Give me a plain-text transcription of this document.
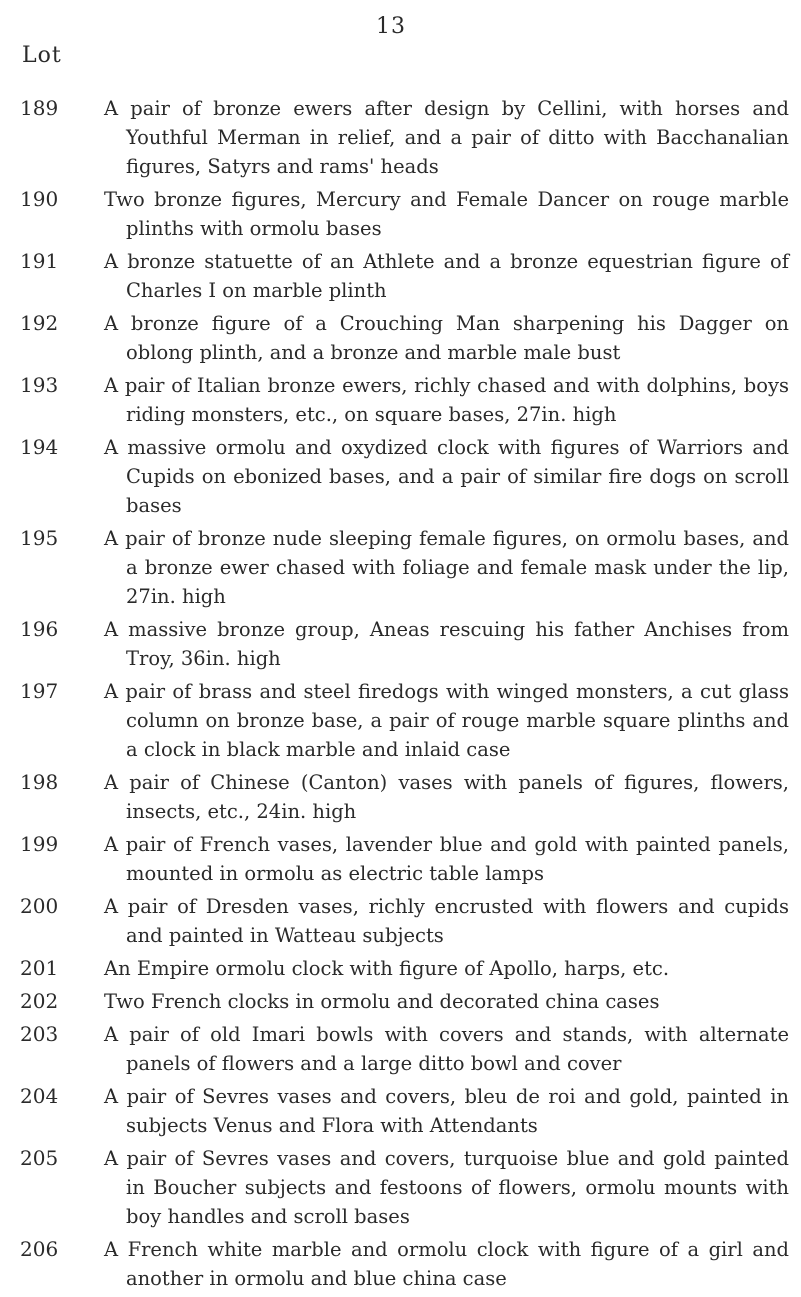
13
Lot
189	A pair of bronze ewers after design by Cellini, with horses and Youthful Merman in relief, and a pair of ditto with Bacchanalian figures, Satyrs and rams' heads
190	Two bronze figures, Mercury and Female Dancer on rouge marble plinths with ormolu bases
191	A bronze statuette of an Athlete and a bronze equestrian figure of Charles I on marble plinth
192	A bronze figure of a Crouching Man sharpening his Dagger on oblong plinth, and a bronze and marble male bust
193	A pair of Italian bronze ewers, richly chased and with dolphins, boys riding monsters, etc., on square bases, 27in. high
194	A massive ormolu and oxydized clock with figures of Warriors and Cupids on ebonized bases, and a pair of similar fire dogs on scroll bases
195	A pair of bronze nude sleeping female figures, on ormolu bases, and a bronze ewer chased with foliage and female mask under the lip, 27in. high
196	A massive bronze group, Aneas rescuing his father Anchises from Troy, 36in. high
197	A pair of brass and steel firedogs with winged monsters, a cut glass column on bronze base, a pair of rouge marble square plinths and a clock in black marble and inlaid case
198	A pair of Chinese (Canton) vases with panels of figures, flowers, insects, etc., 24in. high
199	A pair of French vases, lavender blue and gold with painted panels, mounted in ormolu as electric table lamps
200	A pair of Dresden vases, richly encrusted with flowers and cupids and painted in Watteau subjects
201	An Empire ormolu clock with figure of Apollo, harps, etc.
202	Two French clocks in ormolu and decorated china cases
203	A pair of old Imari bowls with covers and stands, with alternate panels of flowers and a large ditto bowl and cover
204	A pair of Sevres vases and covers, bleu de roi and gold, painted in subjects Venus and Flora with Attendants
205	A pair of Sevres vases and covers, turquoise blue and gold painted in Boucher subjects and festoons of flowers, ormolu mounts with boy handles and scroll bases
206	A French white marble and ormolu clock with figure of a girl and another in ormolu and blue china case
